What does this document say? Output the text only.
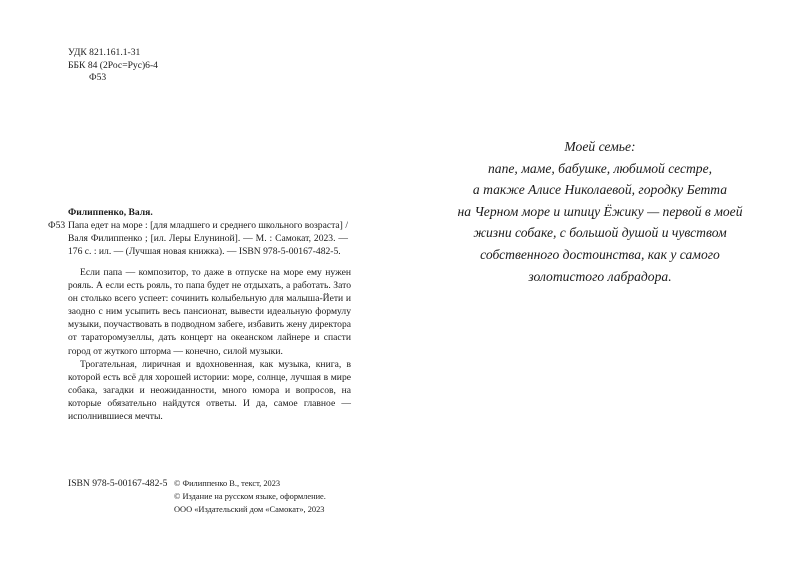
УДК 821.161.1-31
ББК 84 (2Рос=Рус)6-4
Ф53
Филиппенко, Валя.
Ф53 Папа едет на море : [для младшего и среднего школьного возраста] / Валя Филиппенко ; [ил. Леры Елуниной]. — М. : Самокат, 2023. — 176 с. : ил. — (Лучшая новая книжка). — ISBN 978-5-00167-482-5.

Если папа — композитор, то даже в отпуске на море ему нужен рояль. А если есть рояль, то папа будет не отдыхать, а работать. Зато он столько всего успеет: сочинить колыбельную для малыша-Йети и заодно с ним усыпить весь пансионат, вывести идеальную формулу музыки, поучаствовать в подводном забеге, избавить жену директора от тараторомузеллы, дать концерт на океанском лайнере и спасти город от жуткого шторма — конечно, силой музыки.

Трогательная, лиричная и вдохновенная, как музыка, книга, в которой есть всё для хорошей истории: море, солнце, лучшая в мире собака, загадки и неожиданности, много юмора и вопросов, на которые обязательно найдутся ответы. И да, самое главное — исполнившиеся мечты.

ISBN 978-5-00167-482-5 © Филиппенко В., текст, 2023
© Издание на русском языке, оформление.
ООО «Издательский дом «Самокат», 2023
Моей семье:
папе, маме, бабушке, любимой сестре,
а также Алисе Николаевой, городку Бетта
на Черном море и шпицу Ёжику — первой в моей
жизни собаке, с большой душой и чувством
собственного достоинства, как у самого
золотистого лабрадора.
